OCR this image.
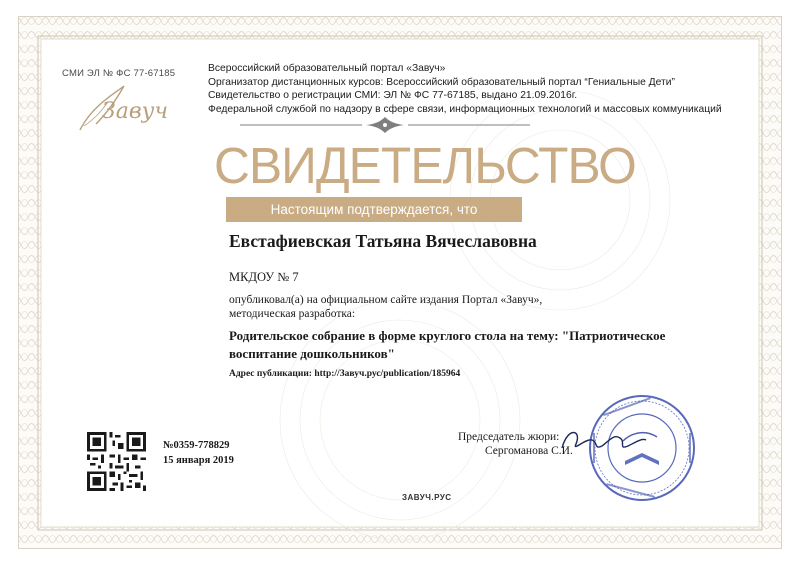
СМИ ЭЛ № ФС 77-67185
Завуч
Всероссийский образовательный портал «Завуч»
Организатор дистанционных курсов: Всероссийский образовательный портал “Гениальные Дети”
Свидетельство о регистрации СМИ: ЭЛ № ФС 77-67185, выдано 21.09.2016г.
Федеральной службой по надзору в сфере связи, информационных технологий и массовых коммуникаций
СВИДЕТЕЛЬСТВО
Настоящим подтверждается, что
Евстафиевская Татьяна Вячеславовна
МКДОУ № 7
опубликовал(а) на официальном сайте издания Портал «Завуч»,
методическая разработка:
Родительское собрание в форме круглого стола на тему: "Патриотическое воспитание дошкольников"
Адрес публикации: http://Завуч.рус/publication/185964
№0359-778829
15 января 2019
Председатель жюри:
Сергоманова С.И.
ЗАВУЧ.РУС
